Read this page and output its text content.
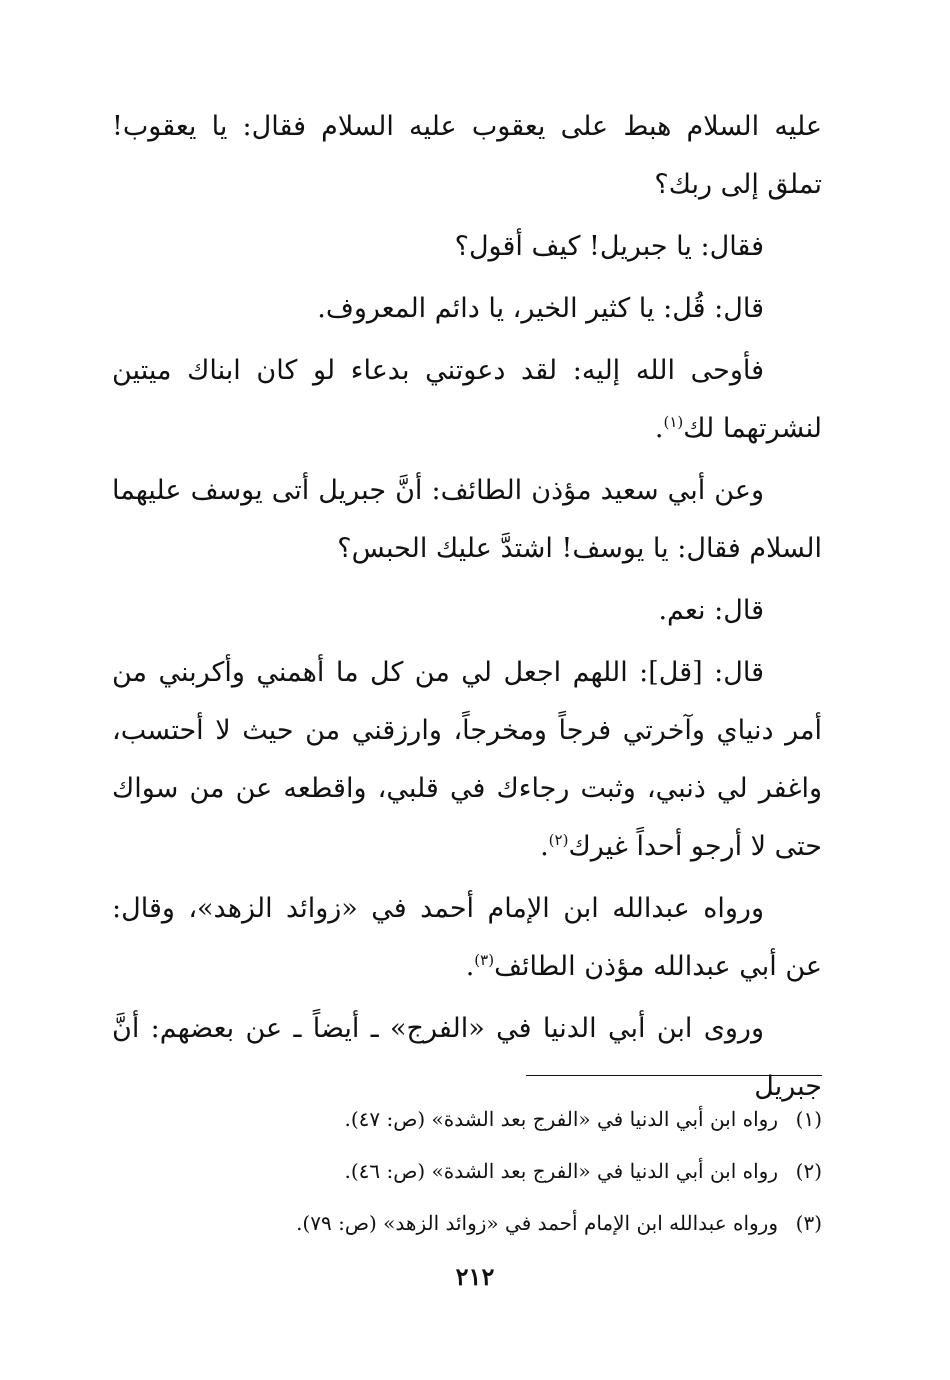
عليه السلام هبط على يعقوب عليه السلام فقال: يا يعقوب! تملق إلى ربك؟

فقال: يا جبريل! كيف أقول؟

قال: قُل: يا كثير الخير، يا دائم المعروف.

فأوحى الله إليه: لقد دعوتني بدعاء لو كان ابناك ميتين لنشرتهما لك$^{(١)}$.

وعن أبي سعيد مؤذن الطائف: أنَّ جبريل أتى يوسف عليهما السلام فقال: يا يوسف! اشتدَّ عليك الحبس؟

قال: نعم.

قال: [قل]: اللهم اجعل لي من كل ما أهمني وأكربني من أمر دنياي وآخرتي فرجاً ومخرجاً، وارزقني من حيث لا أحتسب، واغفر لي ذنبي، وثبت رجاءك في قلبي، واقطعه عن من سواك حتى لا أرجو أحداً غيرك$^{(٢)}$.

ورواه عبدالله ابن الإمام أحمد في «زوائد الزهد»، وقال: عن أبي عبدالله مؤذن الطائف$^{(٣)}$.

وروى ابن أبي الدنيا في «الفرج» ـ أيضاً ـ عن بعضهم: أنَّ جبريل

(١)
رواه ابن أبي الدنيا في «الفرج بعد الشدة» (ص: ٤٧).
(٢)
رواه ابن أبي الدنيا في «الفرج بعد الشدة» (ص: ٤٦).
(٣)
ورواه عبدالله ابن الإمام أحمد في «زوائد الزهد» (ص: ٧٩).
٢١٢
